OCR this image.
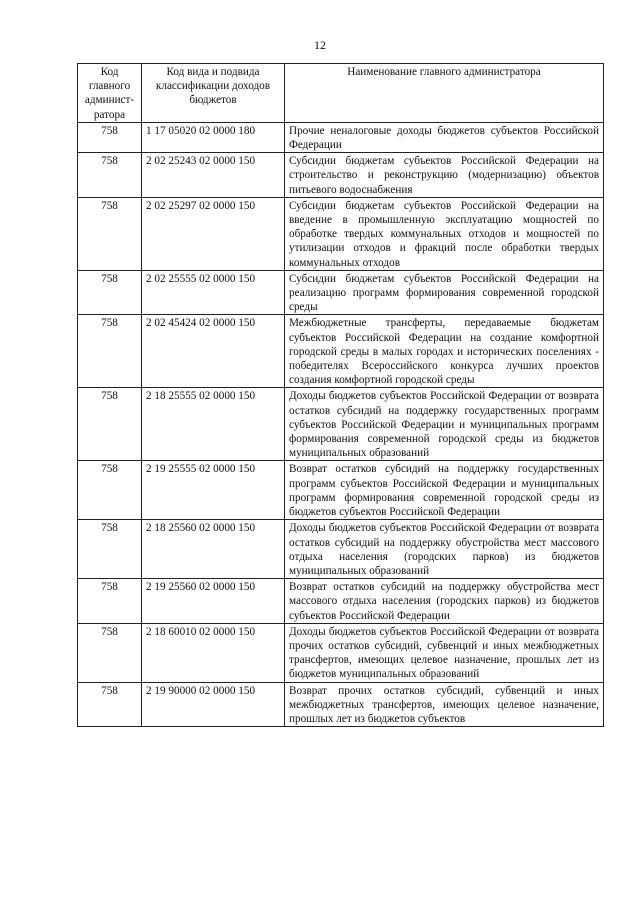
12
Код главного админист-ратора	Код вида и подвида классификации доходов бюджетов	Наименование главного администратора
758	1 17 05020 02 0000 180	Прочие неналоговые доходы бюджетов субъектов Российской Федерации
758	2 02 25243 02 0000 150	Субсидии бюджетам субъектов Российской Федерации на строительство и реконструкцию (модернизацию) объектов питьевого водоснабжения
758	2 02 25297 02 0000 150	Субсидии бюджетам субъектов Российской Федерации на введение в промышленную эксплуатацию мощностей по обработке твердых коммунальных отходов и мощностей по утилизации отходов и фракций после обработки твердых коммунальных отходов
758	2 02 25555 02 0000 150	Субсидии бюджетам субъектов Российской Федерации на реализацию программ формирования современной городской среды
758	2 02 45424 02 0000 150	Межбюджетные трансферты, передаваемые бюджетам субъектов Российской Федерации на создание комфортной городской среды в малых городах и исторических поселениях - победителях Всероссийского конкурса лучших проектов создания комфортной городской среды
758	2 18 25555 02 0000 150	Доходы бюджетов субъектов Российской Федерации от возврата остатков субсидий на поддержку государственных программ субъектов Российской Федерации и муниципальных программ формирования современной городской среды из бюджетов муниципальных образований
758	2 19 25555 02 0000 150	Возврат остатков субсидий на поддержку государственных программ субъектов Российской Федерации и муниципальных программ формирования современной городской среды из бюджетов субъектов Российской Федерации
758	2 18 25560 02 0000 150	Доходы бюджетов субъектов Российской Федерации от возврата остатков субсидий на поддержку обустройства мест массового отдыха населения (городских парков) из бюджетов муниципальных образований
758	2 19 25560 02 0000 150	Возврат остатков субсидий на поддержку обустройства мест массового отдыха населения (городских парков) из бюджетов субъектов Российской Федерации
758	2 18 60010 02 0000 150	Доходы бюджетов субъектов Российской Федерации от возврата прочих остатков субсидий, субвенций и иных межбюджетных трансфертов, имеющих целевое назначение, прошлых лет из бюджетов муниципальных образований
758	2 19 90000 02 0000 150	Возврат прочих остатков субсидий, субвенций и иных межбюджетных трансфертов, имеющих целевое назначение, прошлых лет из бюджетов субъектов
